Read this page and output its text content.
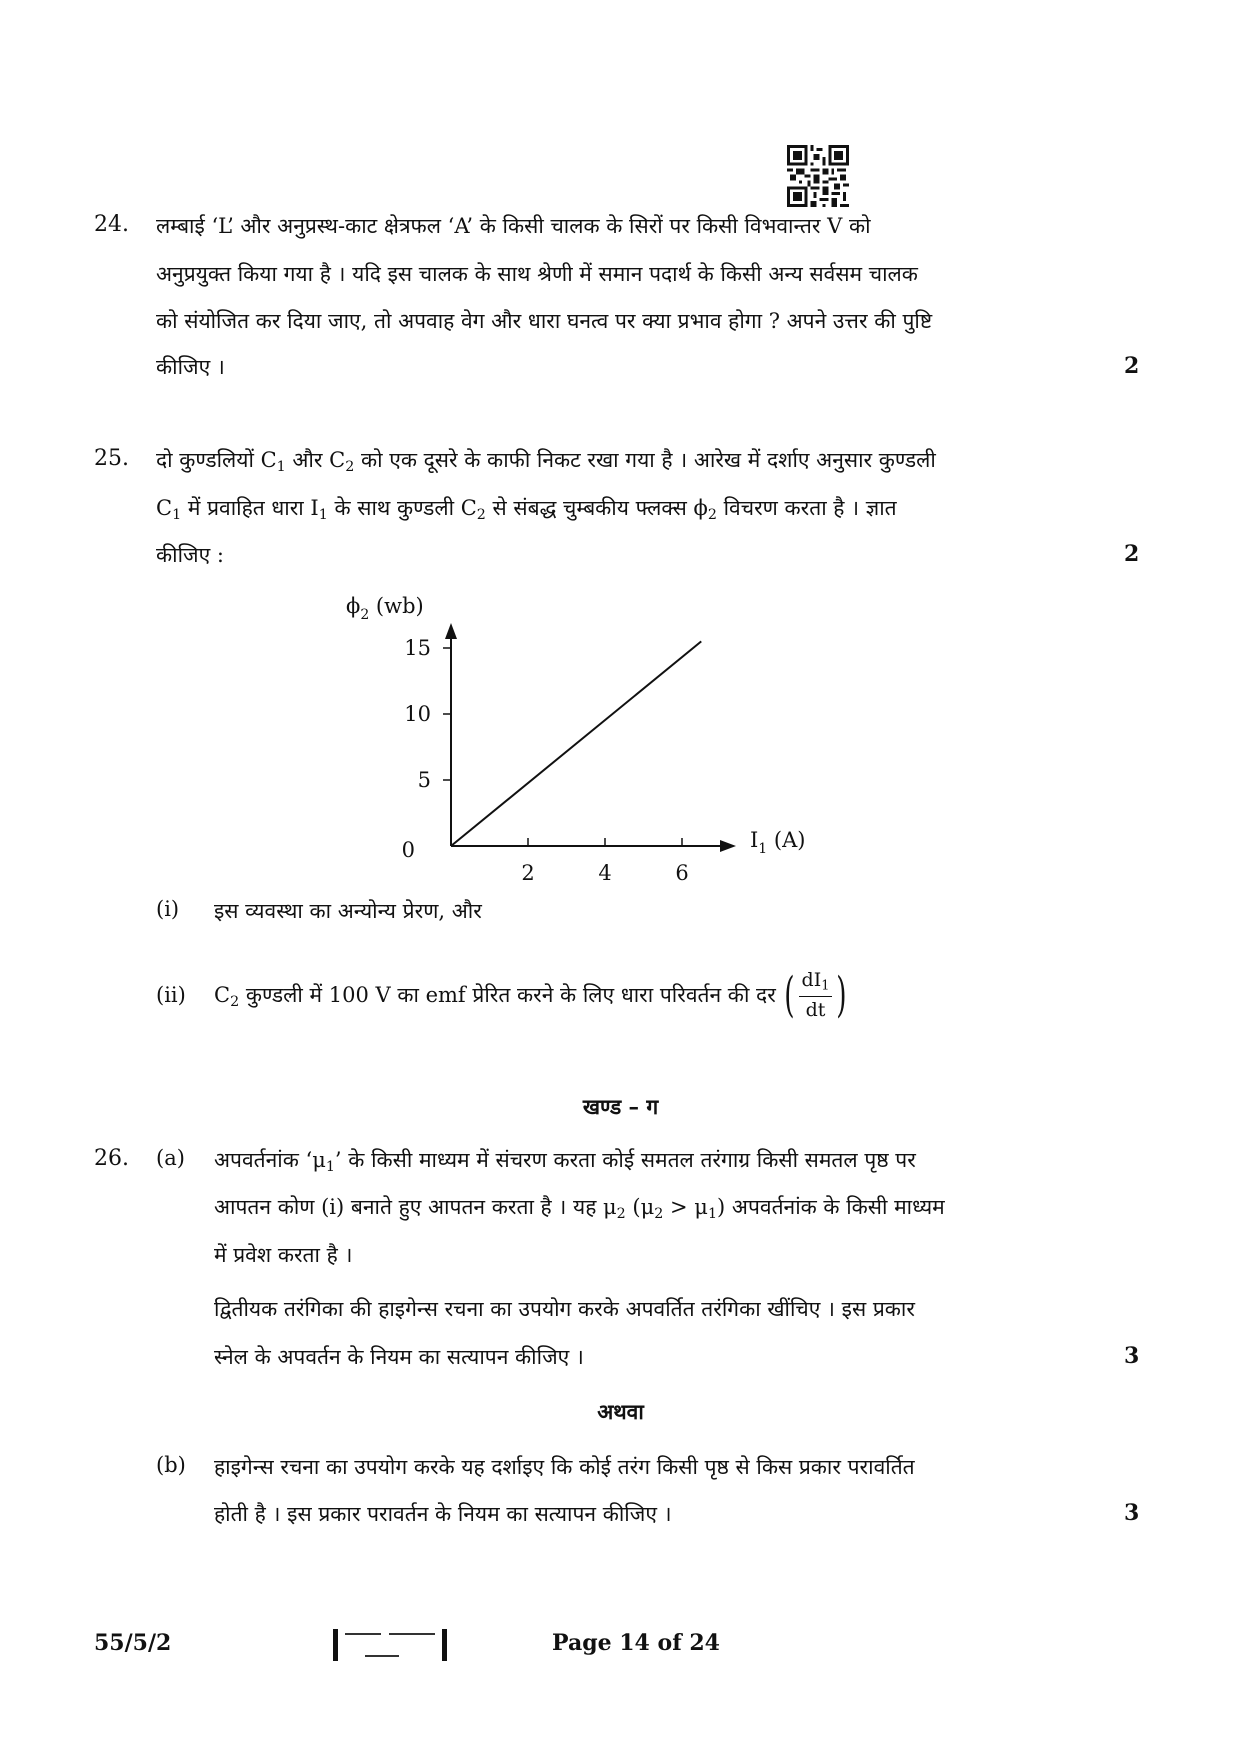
24. लम्बाई ‘L’ और अनुप्रस्थ-काट क्षेत्रफल ‘A’ के किसी चालक के सिरों पर किसी विभवान्तर V को
अनुप्रयुक्त किया गया है । यदि इस चालक के साथ श्रेणी में समान पदार्थ के किसी अन्य सर्वसम चालक
को संयोजित कर दिया जाए, तो अपवाह वेग और धारा घनत्व पर क्या प्रभाव होगा ? अपने उत्तर की पुष्टि
कीजिए ।	2
25. दो कुण्डलियों $C_1$ और $C_2$ को एक दूसरे के काफी निकट रखा गया है । आरेख में दर्शाए अनुसार कुण्डली
$C_1$ में प्रवाहित धारा $I_1$ के साथ कुण्डली $C_2$ से संबद्ध चुम्बकीय फ्लक्स $\phi_2$ विचरण करता है । ज्ञात
कीजिए :	2
2	4	6
5
10
15
$\phi_2$ (wb)
$I_1$ (A)
0
(i) इस व्यवस्था का अन्योन्य प्रेरण, और
(ii) $C_2$ कुण्डली में 100 V का emf प्रेरित करने के लिए धारा परिवर्तन की दर ( $\frac{dI_1}{dt}$ )
खण्ड – ग
26. (a) अपवर्तनांक ‘$\mu_1$’ के किसी माध्यम में संचरण करता कोई समतल तरंगाग्र किसी समतल पृष्ठ पर
आपतन कोण (i) बनाते हुए आपतन करता है । यह $\mu_2$ $(\mu_2 > \mu_1)$ अपवर्तनांक के किसी माध्यम
में प्रवेश करता है ।
द्वितीयक तरंगिका की हाइगेन्स रचना का उपयोग करके अपवर्तित तरंगिका खींचिए । इस प्रकार
स्नेल के अपवर्तन के नियम का सत्यापन कीजिए ।	3
अथवा
(b) हाइगेन्स रचना का उपयोग करके यह दर्शाइए कि कोई तरंग किसी पृष्ठ से किस प्रकार परावर्तित
होती है । इस प्रकार परावर्तन के नियम का सत्यापन कीजिए ।	3
55/5/2	Page 14 of 24
